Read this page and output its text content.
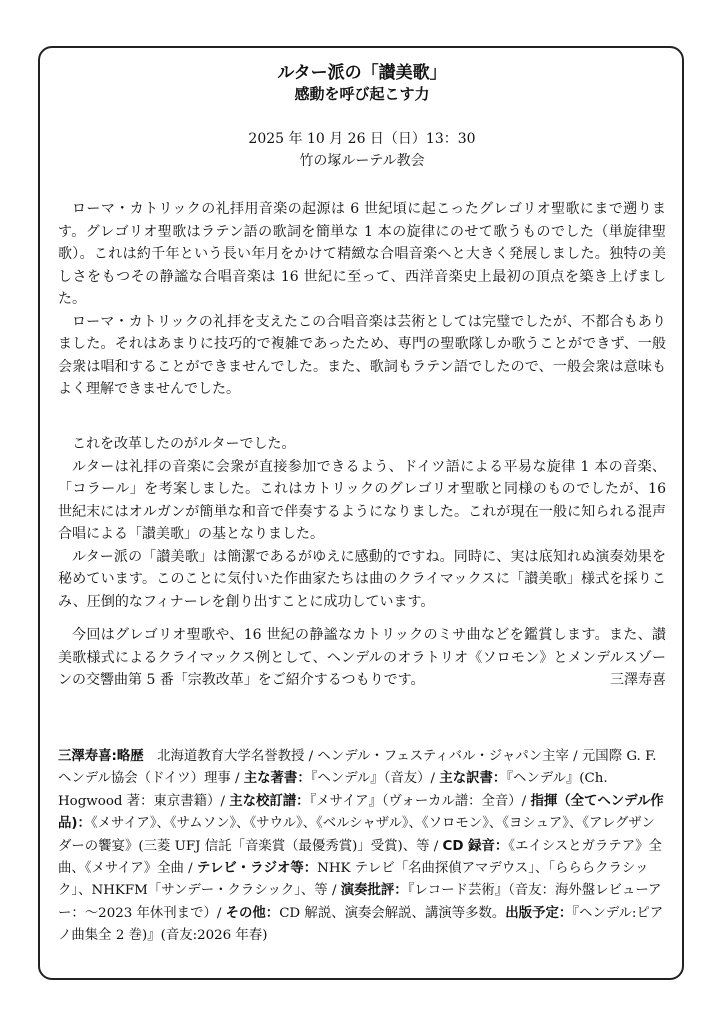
ルター派の「讃美歌」
感動を呼び起こす力
2025 年 10 月 26 日（日）13：30
竹の塚ルーテル教会

ローマ・カトリックの礼拝用音楽の起源は 6 世紀頃に起こったグレゴリオ聖歌にまで遡ります。グレゴリオ聖歌はラテン語の歌詞を簡単な 1 本の旋律にのせて歌うものでした（単旋律聖歌）。これは約千年という長い年月をかけて精緻な合唱音楽へと大きく発展しました。独特の美しさをもつその静謐な合唱音楽は 16 世紀に至って、西洋音楽史上最初の頂点を築き上げました。

ローマ・カトリックの礼拝を支えたこの合唱音楽は芸術としては完璧でしたが、不都合もありました。それはあまりに技巧的で複雑であったため、専門の聖歌隊しか歌うことができず、一般会衆は唱和することができませんでした。また、歌詞もラテン語でしたので、一般会衆は意味もよく理解できませんでした。

これを改革したのがルターでした。

ルターは礼拝の音楽に会衆が直接参加できるよう、ドイツ語による平易な旋律 1 本の音楽、「コラール」を考案しました。これはカトリックのグレゴリオ聖歌と同様のものでしたが、16 世紀末にはオルガンが簡単な和音で伴奏するようになりました。これが現在一般に知られる混声合唱による「讃美歌」の基となりました。

ルター派の「讃美歌」は簡潔であるがゆえに感動的ですね。同時に、実は底知れぬ演奏効果を秘めています。このことに気付いた作曲家たちは曲のクライマックスに「讃美歌」様式を採りこみ、圧倒的なフィナーレを創り出すことに成功しています。

今回はグレゴリオ聖歌や、16 世紀の静謐なカトリックのミサ曲などを鑑賞します。また、讃美歌様式によるクライマックス例として、ヘンデルのオラトリオ《ソロモン》とメンデルスゾーンの交響曲第 5 番「宗教改革」をご紹介するつもりです。	三澤寿喜

三澤寿喜:略歴　北海道教育大学名誉教授 / ヘンデル・フェスティバル・ジャパン主宰 / 元国際 G. F. ヘンデル協会（ドイツ）理事 / 主な著書：『ヘンデル』（音友）/ 主な訳書：『ヘンデル』(Ch. Hogwood 著：東京書籍）/ 主な校訂譜：『メサイア』（ヴォーカル譜：全音）/ 指揮（全てヘンデル作品)：《メサイア》、《サムソン》、《サウル》、《ベルシャザル》、《ソロモン》、《ヨシュア》、《アレグザンダーの饗宴》(三菱 UFJ 信託「音楽賞（最優秀賞)」受賞)、等 / CD 録音：《エイシスとガラテア》全曲、《メサイア》全曲 / テレビ・ラジオ等：NHK テレビ「名曲探偵アマデウス」、「らららクラシック」、NHKFM「サンデー・クラシック」、等 / 演奏批評：『レコード芸術』（音友：海外盤レビューアー：～2023 年休刊まで）/ その他：CD 解説、演奏会解説、講演等多数。出版予定：『ヘンデル:ピアノ曲集全 2 巻)』(音友:2026 年春)
